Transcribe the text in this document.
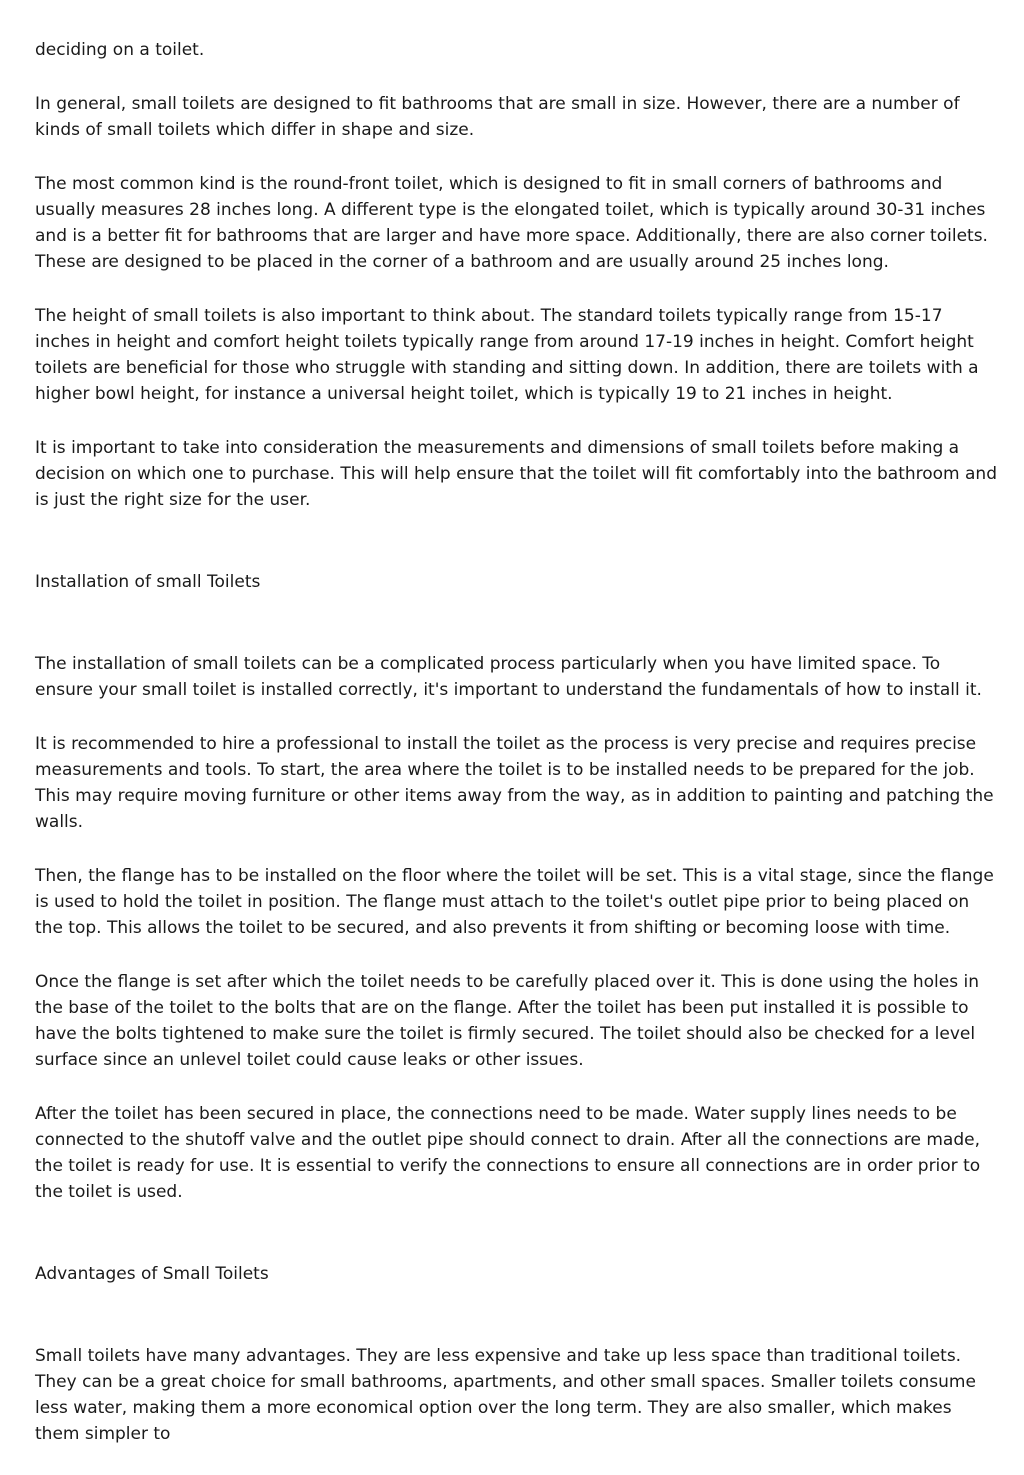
deciding on a toilet.

In general, small toilets are designed to fit bathrooms that are small in size. However, there are a number of kinds of small toilets which differ in shape and size.

The most common kind is the round-front toilet, which is designed to fit in small corners of bathrooms and usually measures 28 inches long. A different type is the elongated toilet, which is typically around 30-31 inches and is a better fit for bathrooms that are larger and have more space. Additionally, there are also corner toilets. These are designed to be placed in the corner of a bathroom and are usually around 25 inches long.

The height of small toilets is also important to think about. The standard toilets typically range from 15-17 inches in height and comfort height toilets typically range from around 17-19 inches in height. Comfort height toilets are beneficial for those who struggle with standing and sitting down. In addition, there are toilets with a higher bowl height, for instance a universal height toilet, which is typically 19 to 21 inches in height.

It is important to take into consideration the measurements and dimensions of small toilets before making a decision on which one to purchase. This will help ensure that the toilet will fit comfortably into the bathroom and is just the right size for the user.

Installation of small Toilets

The installation of small toilets can be a complicated process particularly when you have limited space. To ensure your small toilet is installed correctly, it's important to understand the fundamentals of how to install it.

It is recommended to hire a professional to install the toilet as the process is very precise and requires precise measurements and tools. To start, the area where the toilet is to be installed needs to be prepared for the job. This may require moving furniture or other items away from the way, as in addition to painting and patching the walls.

Then, the flange has to be installed on the floor where the toilet will be set. This is a vital stage, since the flange is used to hold the toilet in position. The flange must attach to the toilet's outlet pipe prior to being placed on the top. This allows the toilet to be secured, and also prevents it from shifting or becoming loose with time.

Once the flange is set after which the toilet needs to be carefully placed over it. This is done using the holes in the base of the toilet to the bolts that are on the flange. After the toilet has been put installed it is possible to have the bolts tightened to make sure the toilet is firmly secured. The toilet should also be checked for a level surface since an unlevel toilet could cause leaks or other issues.

After the toilet has been secured in place, the connections need to be made. Water supply lines needs to be connected to the shutoff valve and the outlet pipe should connect to drain. After all the connections are made, the toilet is ready for use. It is essential to verify the connections to ensure all connections are in order prior to the toilet is used.

Advantages of Small Toilets

Small toilets have many advantages. They are less expensive and take up less space than traditional toilets. They can be a great choice for small bathrooms, apartments, and other small spaces. Smaller toilets consume less water, making them a more economical option over the long term. They are also smaller, which makes them simpler to
